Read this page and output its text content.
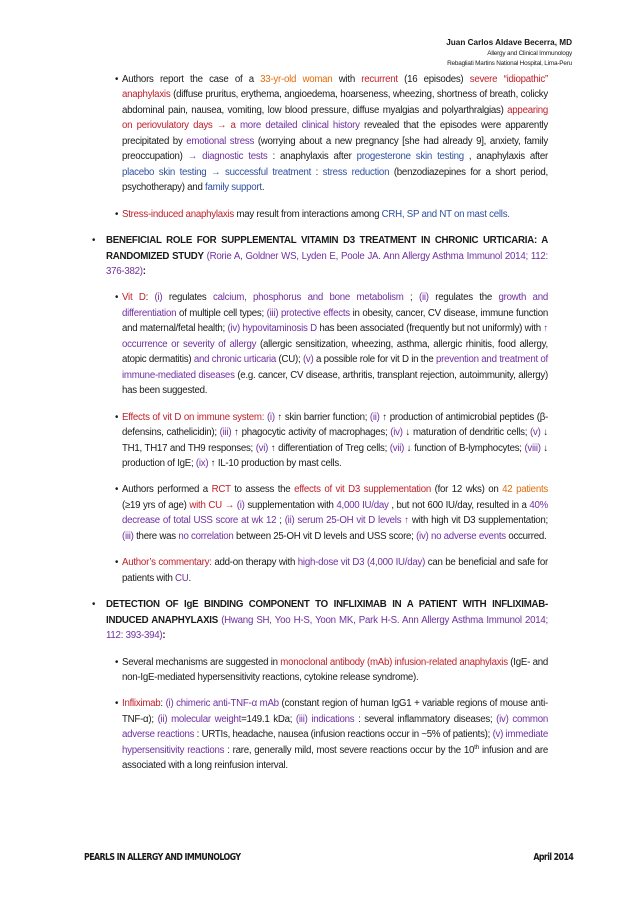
Juan Carlos Aldave Becerra, MD
Allergy and Clinical Immunology
Rebagliati Martins National Hospital, Lima-Peru

• Authors report the case of a 33-yr-old woman with recurrent (16 episodes) severe “idiopathic” anaphylaxis (diffuse pruritus, erythema, angioedema, hoarseness, wheezing, shortness of breath, colicky abdominal pain, nausea, vomiting, low blood pressure, diffuse myalgias and polyarthralgias) appearing on periovulatory days → a more detailed clinical history revealed that the episodes were apparently precipitated by emotional stress (worrying about a new pregnancy [she had already 9], anxiety, family preoccupation) → diagnostic tests : anaphylaxis after progesterone skin testing , anaphylaxis after placebo skin testing → successful treatment : stress reduction (benzodiazepines for a short period, psychotherapy) and family support.

• Stress-induced anaphylaxis may result from interactions among CRH, SP and NT on mast cells.

• BENEFICIAL ROLE FOR SUPPLEMENTAL VITAMIN D3 TREATMENT IN CHRONIC URTICARIA: A RANDOMIZED STUDY (Rorie A, Goldner WS, Lyden E, Poole JA. Ann Allergy Asthma Immunol 2014; 112: 376-382):

• Vit D: (i) regulates calcium, phosphorus and bone metabolism ; (ii) regulates the growth and differentiation of multiple cell types; (iii) protective effects in obesity, cancer, CV disease, immune function and maternal/fetal health; (iv) hypovitaminosis D has been associated (frequently but not uniformly) with ↑ occurrence or severity of allergy (allergic sensitization, wheezing, asthma, allergic rhinitis, food allergy, atopic dermatitis) and chronic urticaria (CU); (v) a possible role for vit D in the prevention and treatment of immune-mediated diseases (e.g. cancer, CV disease, arthritis, transplant rejection, autoimmunity, allergy) has been suggested.

• Effects of vit D on immune system: (i) ↑ skin barrier function; (ii) ↑ production of antimicrobial peptides (β-defensins, cathelicidin); (iii) ↑ phagocytic activity of macrophages; (iv) ↓ maturation of dendritic cells; (v) ↓ TH1, TH17 and TH9 responses; (vi) ↑ differentiation of Treg cells; (vii) ↓ function of B-lymphocytes; (viii) ↓ production of IgE; (ix) ↑ IL-10 production by mast cells.

• Authors performed a RCT to assess the effects of vit D3 supplementation (for 12 wks) on 42 patients (≥19 yrs of age) with CU → (i) supplementation with 4,000 IU/day , but not 600 IU/day, resulted in a 40% decrease of total USS score at wk 12 ; (ii) serum 25-OH vit D levels ↑ with high vit D3 supplementation; (iii) there was no correlation between 25-OH vit D levels and USS score; (iv) no adverse events occurred.

• Author’s commentary: add-on therapy with high-dose vit D3 (4,000 IU/day) can be beneficial and safe for patients with CU.

• DETECTION OF IgE BINDING COMPONENT TO INFLIXIMAB IN A PATIENT WITH INFLIXIMAB-INDUCED ANAPHYLAXIS (Hwang SH, Yoo H-S, Yoon MK, Park H-S. Ann Allergy Asthma Immunol 2014; 112: 393-394):

• Several mechanisms are suggested in monoclonal antibody (mAb) infusion-related anaphylaxis (IgE- and non-IgE-mediated hypersensitivity reactions, cytokine release syndrome).

• Infliximab: (i) chimeric anti-TNF-α mAb (constant region of human IgG1 + variable regions of mouse anti-TNF-α); (ii) molecular weight=149.1 kDa; (iii) indications : several inflammatory diseases; (iv) common adverse reactions : URTIs, headache, nausea (infusion reactions occur in ~5% of patients); (v) immediate hypersensitivity reactions : rare, generally mild, most severe reactions occur by the 10th infusion and are associated with a long reinfusion interval.

PEARLS IN ALLERGY AND IMMUNOLOGY	April 2014
